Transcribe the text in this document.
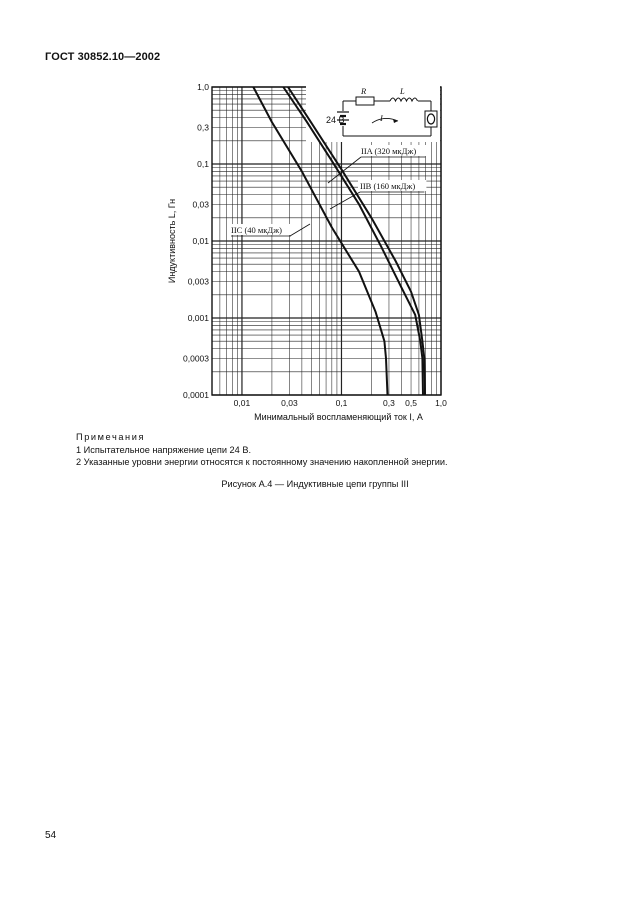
ГОСТ 30852.10—2002
24 В
R	L
I
0,01	0,03	0,1	0,3 0,5 1,0
1,0
0,3
0,1
0,03
0,01
0,003
0,001
0,0003
0,0001
IIA (320 мкДж)
IIB (160 мкДж)
IIC (40 мкДж)
Индуктивность L, Гн
Минимальный воспламеняющий ток I, А
Примечания
1 Испытательное напряжение цепи 24 В.
2 Указанные уровни энергии относятся к постоянному значению накопленной энергии.
Рисунок А.4 — Индуктивные цепи группы III
54
